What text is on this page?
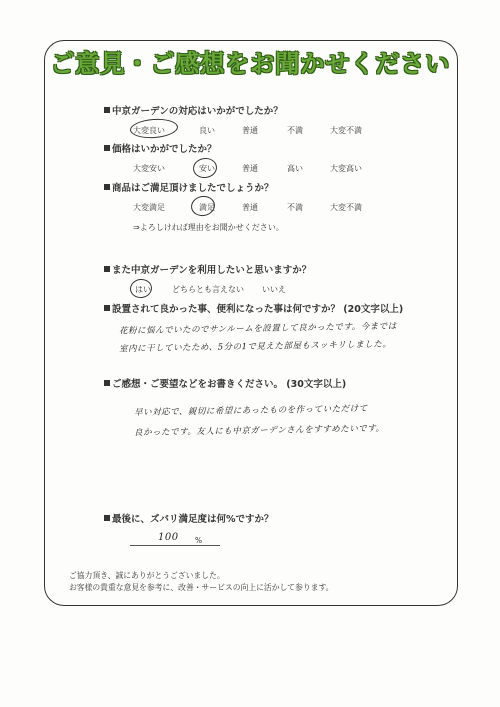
ご意見・ご感想をお聞かせください
中京ガーデンの対応はいかがでしたか？
大変良い	良い	普通	不満	大変不満
価格はいかがでしたか？
大変安い	安い	普通	高い	大変高い
商品はご満足頂けましたでしょうか？
大変満足	満足	普通	不満	大変不満
⇒よろしければ理由をお聞かせください。
また中京ガーデンを利用したいと思いますか？
はい	どちらとも言えない いいえ
設置されて良かった事、便利になった事は何ですか？ (20文字以上)
花粉に悩んでいたのでサンルームを設置して良かったです。今までは
室内に干していたため、5分の1で見えた部屋もスッキリしました。
ご感想・ご要望などをお書きください。 (30文字以上)
早い対応で、親切に希望にあったものを作っていただけて
良かったです。友人にも中京ガーデンさんをすすめたいです。
最後に、ズバリ満足度は何%ですか？
100 %
ご協力頂き、誠にありがとうございました。
お客様の貴重な意見を参考に、改善・サービスの向上に活かして参ります。
